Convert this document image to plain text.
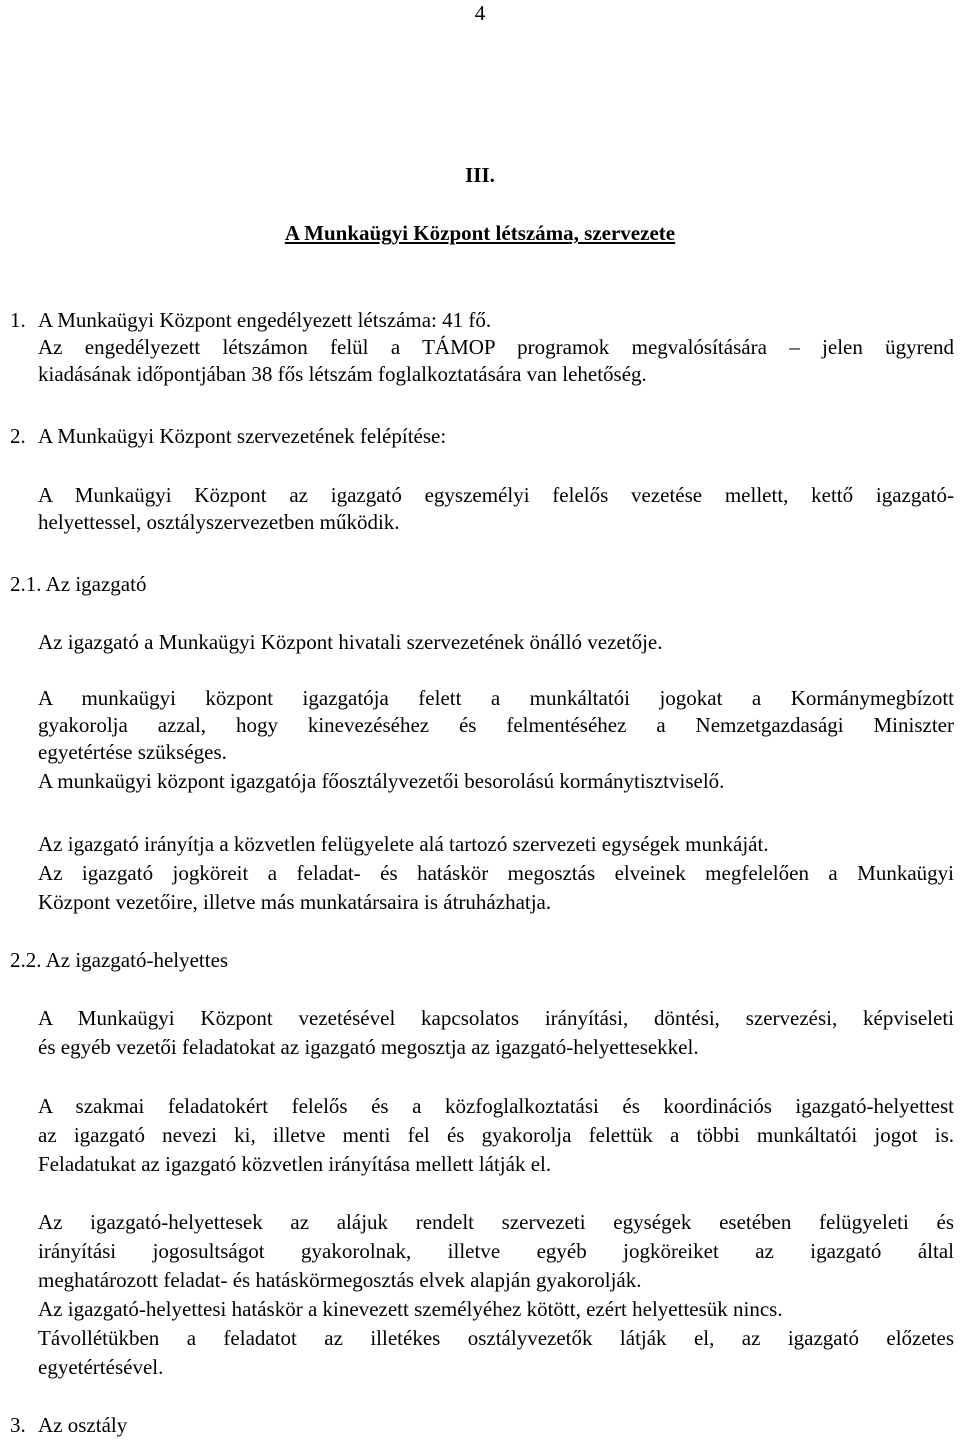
4
III.
A Munkaügyi Központ létszáma, szervezete
1. A Munkaügyi Központ engedélyezett létszáma: 41 fő.
Az engedélyezett létszámon felül a TÁMOP programok megvalósítására – jelen ügyrend
kiadásának időpontjában 38 fős létszám foglalkoztatására van lehetőség.
2. A Munkaügyi Központ szervezetének felépítése:
A Munkaügyi Központ az igazgató egyszemélyi felelős vezetése mellett, kettő igazgató-
helyettessel, osztályszervezetben működik.
2.1. Az igazgató
Az igazgató a Munkaügyi Központ hivatali szervezetének önálló vezetője.
A munkaügyi központ igazgatója felett a munkáltatói jogokat a Kormánymegbízott
gyakorolja azzal, hogy kinevezéséhez és felmentéséhez a Nemzetgazdasági Miniszter
egyetértése szükséges.
A munkaügyi központ igazgatója főosztályvezetői besorolású kormánytisztviselő.
Az igazgató irányítja a közvetlen felügyelete alá tartozó szervezeti egységek munkáját.
Az igazgató jogköreit a feladat- és hatáskör megosztás elveinek megfelelően a Munkaügyi
Központ vezetőire, illetve más munkatársaira is átruházhatja.
2.2. Az igazgató-helyettes
A Munkaügyi Központ vezetésével kapcsolatos irányítási, döntési, szervezési, képviseleti
és egyéb vezetői feladatokat az igazgató megosztja az igazgató-helyettesekkel.
A szakmai feladatokért felelős és a közfoglalkoztatási és koordinációs igazgató-helyettest
az igazgató nevezi ki, illetve menti fel és gyakorolja felettük a többi munkáltatói jogot is.
Feladatukat az igazgató közvetlen irányítása mellett látják el.
Az igazgató-helyettesek az alájuk rendelt szervezeti egységek esetében felügyeleti és
irányítási jogosultságot gyakorolnak, illetve egyéb jogköreiket az igazgató által
meghatározott feladat- és hatáskörmegosztás elvek alapján gyakorolják.
Az igazgató-helyettesi hatáskör a kinevezett személyéhez kötött, ezért helyettesük nincs.
Távollétükben a feladatot az illetékes osztályvezetők látják el, az igazgató előzetes
egyetértésével.
3. Az osztály
